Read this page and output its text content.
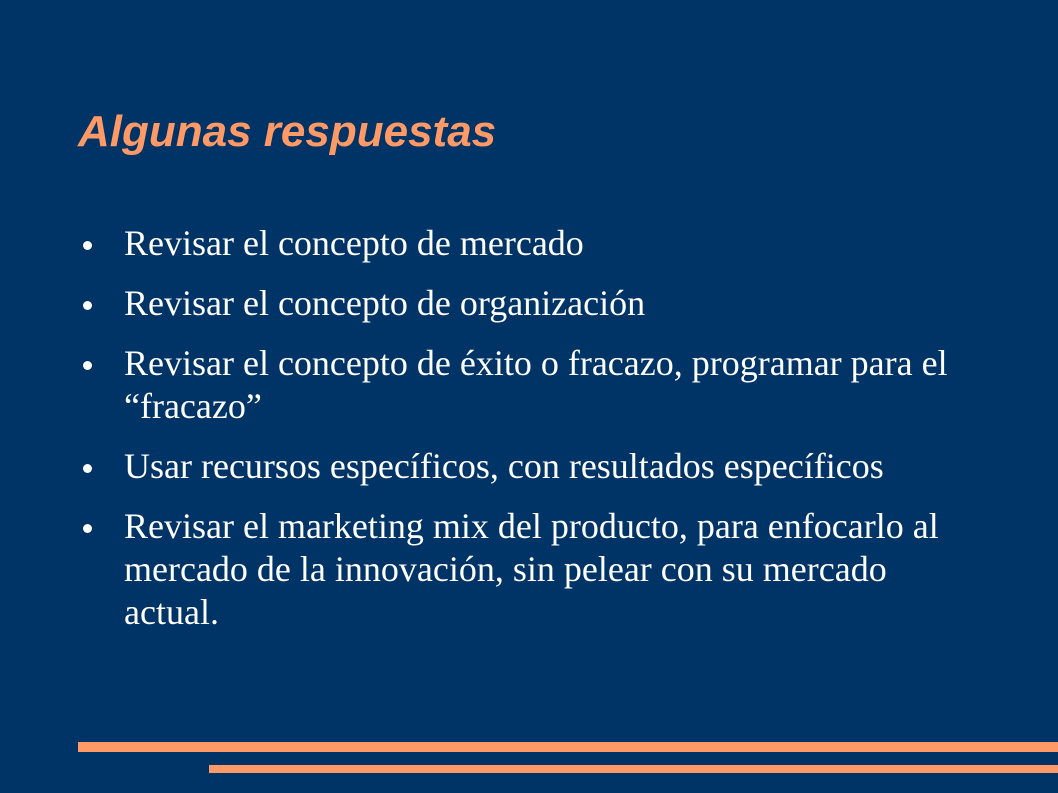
Algunas respuestas
Revisar el concepto de mercado
Revisar el concepto de organización
Revisar el concepto de éxito o fracazo, programar para el “fracazo”
Usar recursos específicos, con resultados específicos
Revisar el marketing mix del producto, para enfocarlo al mercado de la innovación, sin pelear con su mercado actual.
